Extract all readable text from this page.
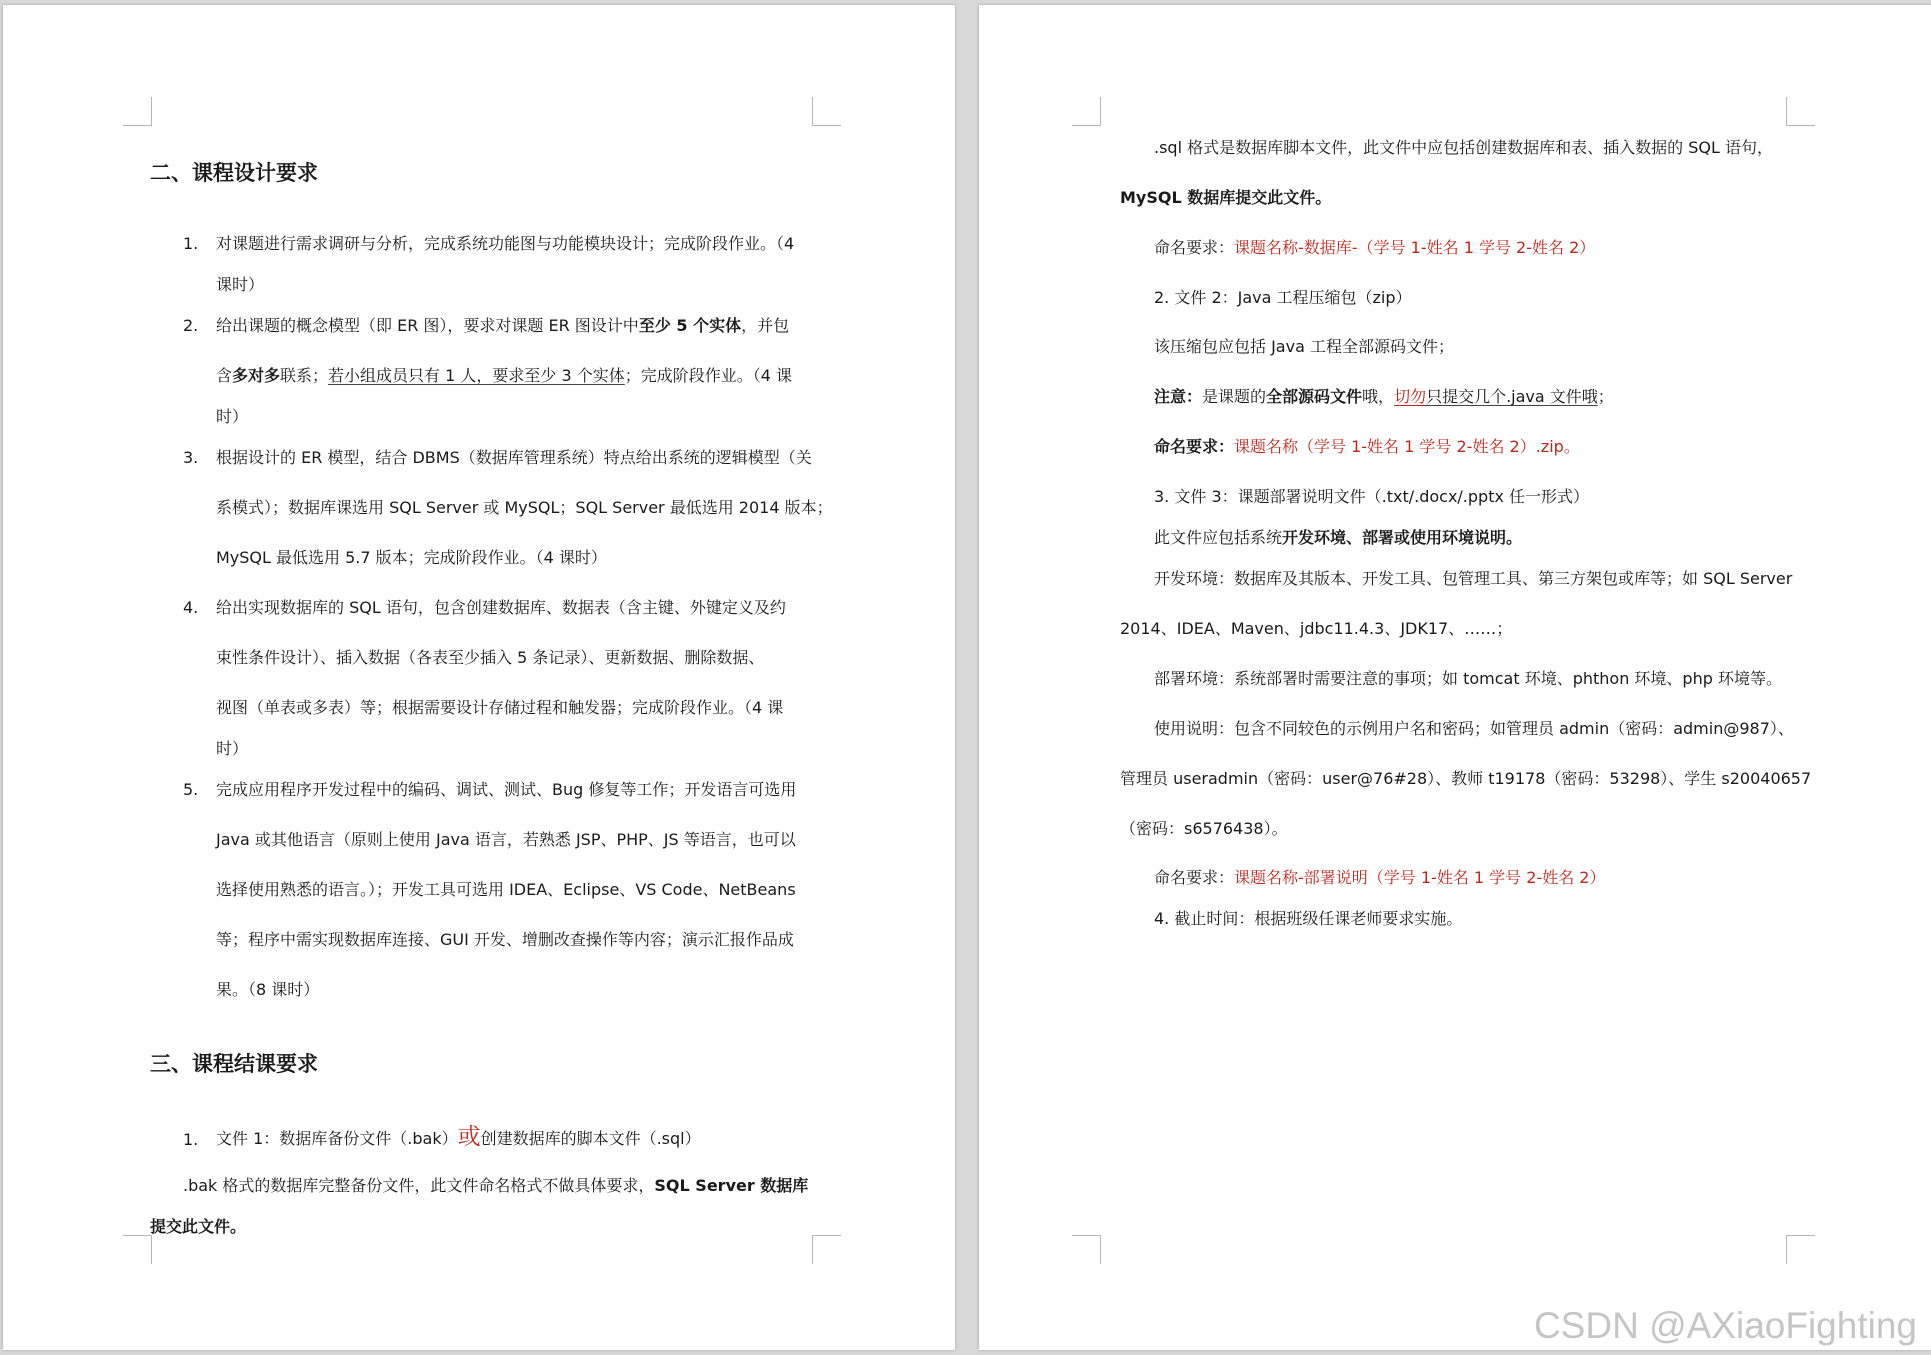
二、课程设计要求
1. 对课题进行需求调研与分析，完成系统功能图与功能模块设计；完成阶段作业。（4
课时）
2. 给出课题的概念模型（即 ER 图），要求对课题 ER 图设计中至少 5 个实体，并包
含多对多联系；若小组成员只有 1 人，要求至少 3 个实体；完成阶段作业。（4 课
时）
3. 根据设计的 ER 模型，结合 DBMS（数据库管理系统）特点给出系统的逻辑模型（关
系模式）；数据库课选用 SQL Server 或 MySQL；SQL Server 最低选用 2014 版本；
MySQL 最低选用 5.7 版本；完成阶段作业。（4 课时）
4. 给出实现数据库的 SQL 语句，包含创建数据库、数据表（含主键、外键定义及约
束性条件设计）、插入数据（各表至少插入 5 条记录）、更新数据、删除数据、
视图（单表或多表）等；根据需要设计存储过程和触发器；完成阶段作业。（4 课
时）
5. 完成应用程序开发过程中的编码、调试、测试、Bug 修复等工作；开发语言可选用
Java 或其他语言（原则上使用 Java 语言，若熟悉 JSP、PHP、JS 等语言，也可以
选择使用熟悉的语言。）；开发工具可选用 IDEA、Eclipse、VS Code、NetBeans
等；程序中需实现数据库连接、GUI 开发、增删改查操作等内容；演示汇报作品成
果。（8 课时）
三、课程结课要求
1. 文件 1：数据库备份文件（.bak）或创建数据库的脚本文件（.sql）
.bak 格式的数据库完整备份文件，此文件命名格式不做具体要求，SQL Server 数据库
提交此文件。
.sql 格式是数据库脚本文件，此文件中应包括创建数据库和表、插入数据的 SQL 语句，
MySQL 数据库提交此文件。
命名要求：课题名称-数据库-（学号 1-姓名 1 学号 2-姓名 2）
2. 文件 2：Java 工程压缩包（zip）
该压缩包应包括 Java 工程全部源码文件；
注意：是课题的全部源码文件哦，切勿只提交几个.java 文件哦；
命名要求：课题名称（学号 1-姓名 1 学号 2-姓名 2）.zip。
3. 文件 3：课题部署说明文件（.txt/.docx/.pptx 任一形式）
此文件应包括系统开发环境、部署或使用环境说明。
开发环境：数据库及其版本、开发工具、包管理工具、第三方架包或库等；如 SQL Server
2014、IDEA、Maven、jdbc11.4.3、JDK17、……；
部署环境：系统部署时需要注意的事项；如 tomcat 环境、phthon 环境、php 环境等。
使用说明：包含不同较色的示例用户名和密码；如管理员 admin（密码：admin@987）、
管理员 useradmin（密码：user@76#28）、教师 t19178（密码：53298）、学生 s20040657
（密码：s6576438）。
命名要求：课题名称-部署说明（学号 1-姓名 1 学号 2-姓名 2）
4. 截止时间：根据班级任课老师要求实施。
CSDN @AXiaoFighting
